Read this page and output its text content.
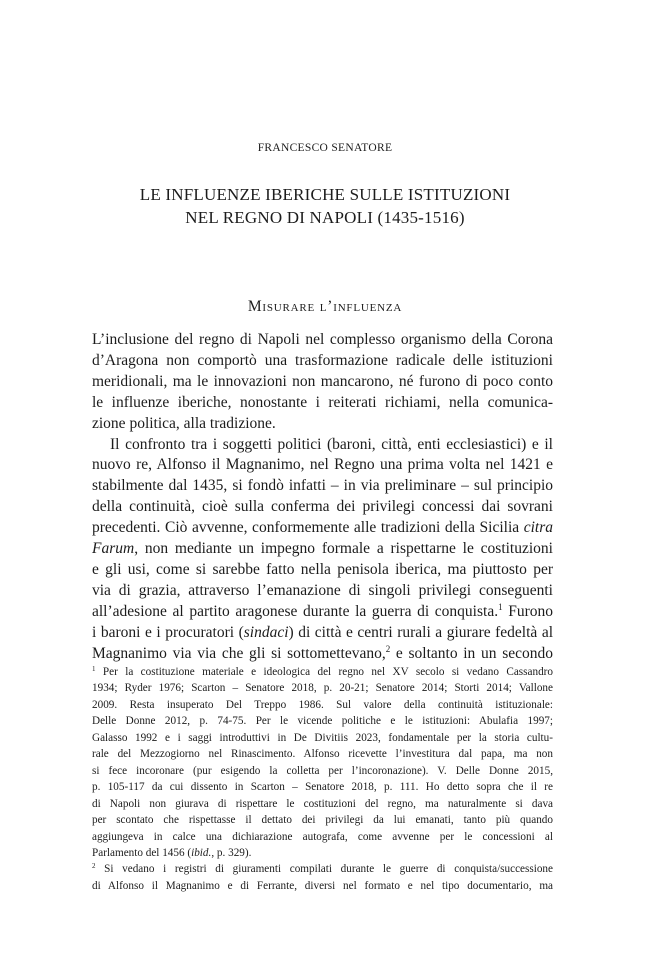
FRANCESCO SENATORE
LE INFLUENZE IBERICHE SULLE ISTITUZIONI
NEL REGNO DI NAPOLI (1435-1516)
Misurare l’influenza
L’inclusione del regno di Napoli nel complesso organismo della Corona
d’Aragona non comportò una trasformazione radicale delle istituzioni
meridionali, ma le innovazioni non mancarono, né furono di poco conto
le influenze iberiche, nonostante i reiterati richiami, nella comunica-
zione politica, alla tradizione.
Il confronto tra i soggetti politici (baroni, città, enti ecclesiastici) e il
nuovo re, Alfonso il Magnanimo, nel Regno una prima volta nel 1421 e
stabilmente dal 1435, si fondò infatti – in via preliminare – sul principio
della continuità, cioè sulla conferma dei privilegi concessi dai sovrani
precedenti. Ciò avvenne, conformemente alle tradizioni della Sicilia citra
Farum, non mediante un impegno formale a rispettarne le costituzioni
e gli usi, come si sarebbe fatto nella penisola iberica, ma piuttosto per
via di grazia, attraverso l’emanazione di singoli privilegi conseguenti
all’adesione al partito aragonese durante la guerra di conquista.$^1$ Furono
i baroni e i procuratori (sindaci) di città e centri rurali a giurare fedeltà al
Magnanimo via via che gli si sottomettevano,$^2$ e soltanto in un secondo
$^1$ Per la costituzione materiale e ideologica del regno nel XV secolo si vedano Cassandro
1934; Ryder 1976; Scarton – Senatore 2018, p. 20-21; Senatore 2014; Storti 2014; Vallone
2009. Resta insuperato Del Treppo 1986. Sul valore della continuità istituzionale:
Delle Donne 2012, p. 74-75. Per le vicende politiche e le istituzioni: Abulafia 1997;
Galasso 1992 e i saggi introduttivi in De Divitiis 2023, fondamentale per la storia cultu-
rale del Mezzogiorno nel Rinascimento. Alfonso ricevette l’investitura dal papa, ma non
si fece incoronare (pur esigendo la colletta per l’incoronazione). V. Delle Donne 2015,
p. 105-117 da cui dissento in Scarton – Senatore 2018, p. 111. Ho detto sopra che il re
di Napoli non giurava di rispettare le costituzioni del regno, ma naturalmente si dava
per scontato che rispettasse il dettato dei privilegi da lui emanati, tanto più quando
aggiungeva in calce una dichiarazione autografa, come avvenne per le concessioni al
Parlamento del 1456 (ibid., p. 329).
$^2$ Si vedano i registri di giuramenti compilati durante le guerre di conquista/successione
di Alfonso il Magnanimo e di Ferrante, diversi nel formato e nel tipo documentario, ma
